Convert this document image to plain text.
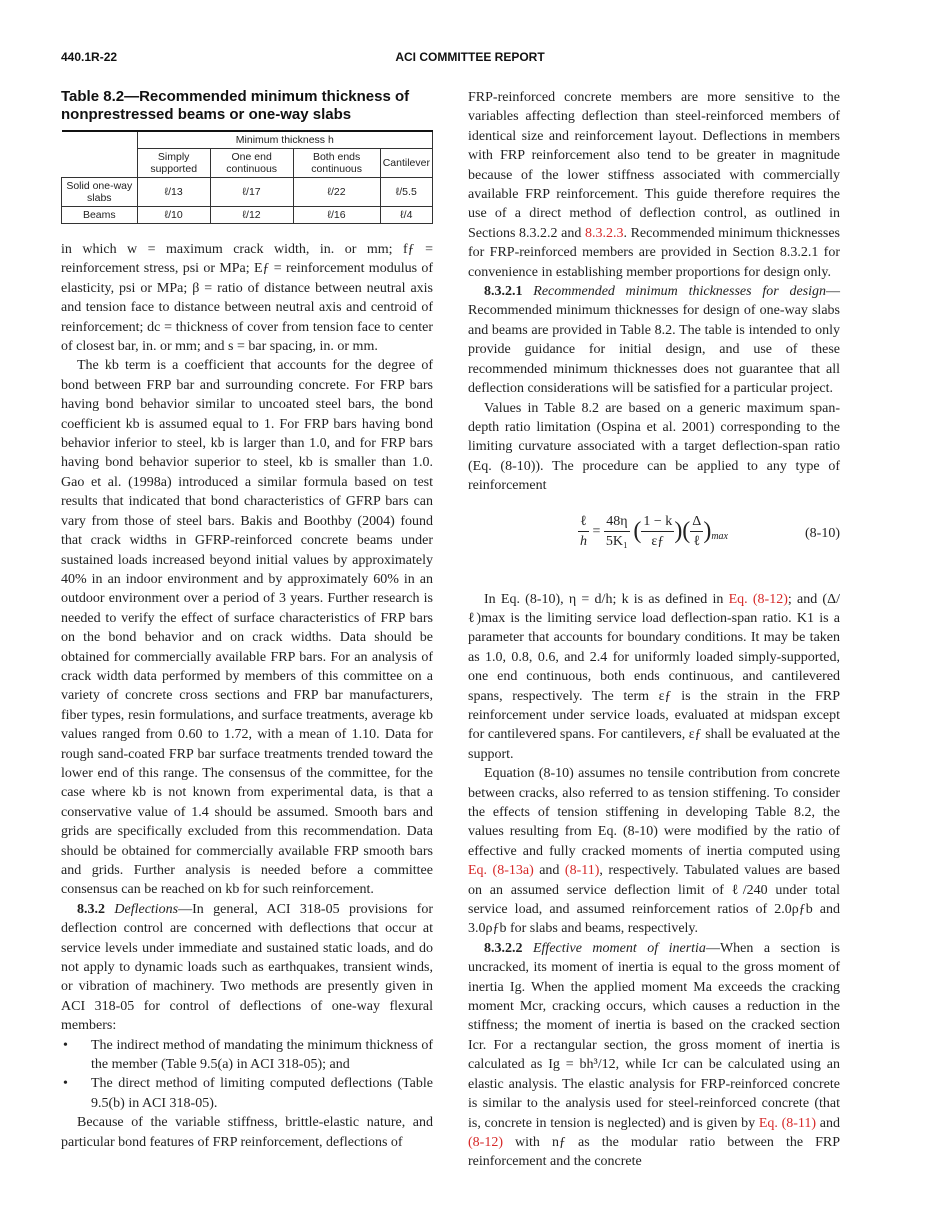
440.1R-22	ACI COMMITTEE REPORT
Table 8.2—Recommended minimum thickness of nonprestressed beams or one-way slabs
	Minimum thickness h			
	Simply supported	One end continuous	Both ends continuous	Cantilever
Solid one-way slabs	ℓ/13	ℓ/17	ℓ/22	ℓ/5.5
Beams	ℓ/10	ℓ/12	ℓ/16	ℓ/4

in which w = maximum crack width, in. or mm; fƒ = reinforcement stress, psi or MPa; Eƒ = reinforcement modulus of elasticity, psi or MPa; β = ratio of distance between neutral axis and tension face to distance between neutral axis and centroid of reinforcement; dc = thickness of cover from tension face to center of closest bar, in. or mm; and s = bar spacing, in. or mm.

The kb term is a coefficient that accounts for the degree of bond between FRP bar and surrounding concrete. For FRP bars having bond behavior similar to uncoated steel bars, the bond coefficient kb is assumed equal to 1. For FRP bars having bond behavior inferior to steel, kb is larger than 1.0, and for FRP bars having bond behavior superior to steel, kb is smaller than 1.0. Gao et al. (1998a) introduced a similar formula based on test results that indicated that bond characteristics of GFRP bars can vary from those of steel bars. Bakis and Boothby (2004) found that crack widths in GFRP-reinforced concrete beams under sustained loads increased beyond initial values by approximately 40% in an indoor environment and by approximately 60% in an outdoor environment over a period of 3 years. Further research is needed to verify the effect of surface characteristics of FRP bars on the bond behavior and on crack widths. Data should be obtained for commercially available FRP bars. For an analysis of crack width data performed by members of this committee on a variety of concrete cross sections and FRP bar manufacturers, fiber types, resin formulations, and surface treatments, average kb values ranged from 0.60 to 1.72, with a mean of 1.10. Data for rough sand-coated FRP bar surface treatments trended toward the lower end of this range. The consensus of the committee, for the case where kb is not known from experimental data, is that a conservative value of 1.4 should be assumed. Smooth bars and grids are specifically excluded from this recommendation. Data should be obtained for commercially available FRP smooth bars and grids. Further analysis is needed before a committee consensus can be reached on kb for such reinforcement.

8.3.2 Deflections—In general, ACI 318-05 provisions for deflection control are concerned with deflections that occur at service levels under immediate and sustained static loads, and do not apply to dynamic loads such as earthquakes, transient winds, or vibration of machinery. Two methods are presently given in ACI 318-05 for control of deflections of one-way flexural members:

• The indirect method of mandating the minimum thickness of the member (Table 9.5(a) in ACI 318-05); and
• The direct method of limiting computed deflections (Table 9.5(b) in ACI 318-05).

Because of the variable stiffness, brittle-elastic nature, and particular bond features of FRP reinforcement, deflections of

FRP-reinforced concrete members are more sensitive to the variables affecting deflection than steel-reinforced members of identical size and reinforcement layout. Deflections in members with FRP reinforcement also tend to be greater in magnitude because of the lower stiffness associated with commercially available FRP reinforcement. This guide therefore requires the use of a direct method of deflection control, as outlined in Sections 8.3.2.2 and 8.3.2.3. Recommended minimum thicknesses for FRP-reinforced members are provided in Section 8.3.2.1 for convenience in establishing member proportions for design only.

8.3.2.1 Recommended minimum thicknesses for design—Recommended minimum thicknesses for design of one-way slabs and beams are provided in Table 8.2. The table is intended to only provide guidance for initial design, and use of these recommended minimum thicknesses does not guarantee that all deflection considerations will be satisfied for a particular project.

Values in Table 8.2 are based on a generic maximum span-depth ratio limitation (Ospina et al. 2001) corresponding to the limiting curvature associated with a target deflection-span ratio (Eq. (8-10)). The procedure can be applied to any type of reinforcement

ℓ
h
= $\frac{48\eta}{\text{5K₁}}$ ( $\frac{1 - k}{\varepsilon ƒ}$ )( Δ
ℓ )$_{max}$	(8-10)

In Eq. (8-10), η = d/h; k is as defined in Eq. (8-12); and (Δ/ℓ)max is the limiting service load deflection-span ratio. K1 is a parameter that accounts for boundary conditions. It may be taken as 1.0, 0.8, 0.6, and 2.4 for uniformly loaded simply-supported, one end continuous, both ends continuous, and cantilevered spans, respectively. The term εƒ is the strain in the FRP reinforcement under service loads, evaluated at midspan except for cantilevered spans. For cantilevers, εƒ shall be evaluated at the support.

Equation (8-10) assumes no tensile contribution from concrete between cracks, also referred to as tension stiffening. To consider the effects of tension stiffening in developing Table 8.2, the values resulting from Eq. (8-10) were modified by the ratio of effective and fully cracked moments of inertia computed using Eq. (8-13a) and (8-11), respectively. Tabulated values are based on an assumed service deflection limit of ℓ/240 under total service load, and assumed reinforcement ratios of 2.0ρƒb and 3.0ρƒb for slabs and beams, respectively.

8.3.2.2 Effective moment of inertia—When a section is uncracked, its moment of inertia is equal to the gross moment of inertia Ig. When the applied moment Ma exceeds the cracking moment Mcr, cracking occurs, which causes a reduction in the stiffness; the moment of inertia is based on the cracked section Icr. For a rectangular section, the gross moment of inertia is calculated as Ig = bh³/12, while Icr can be calculated using an elastic analysis. The elastic analysis for FRP-reinforced concrete is similar to the analysis used for steel-reinforced concrete (that is, concrete in tension is neglected) and is given by Eq. (8-11) and (8-12) with nƒ as the modular ratio between the FRP reinforcement and the concrete
